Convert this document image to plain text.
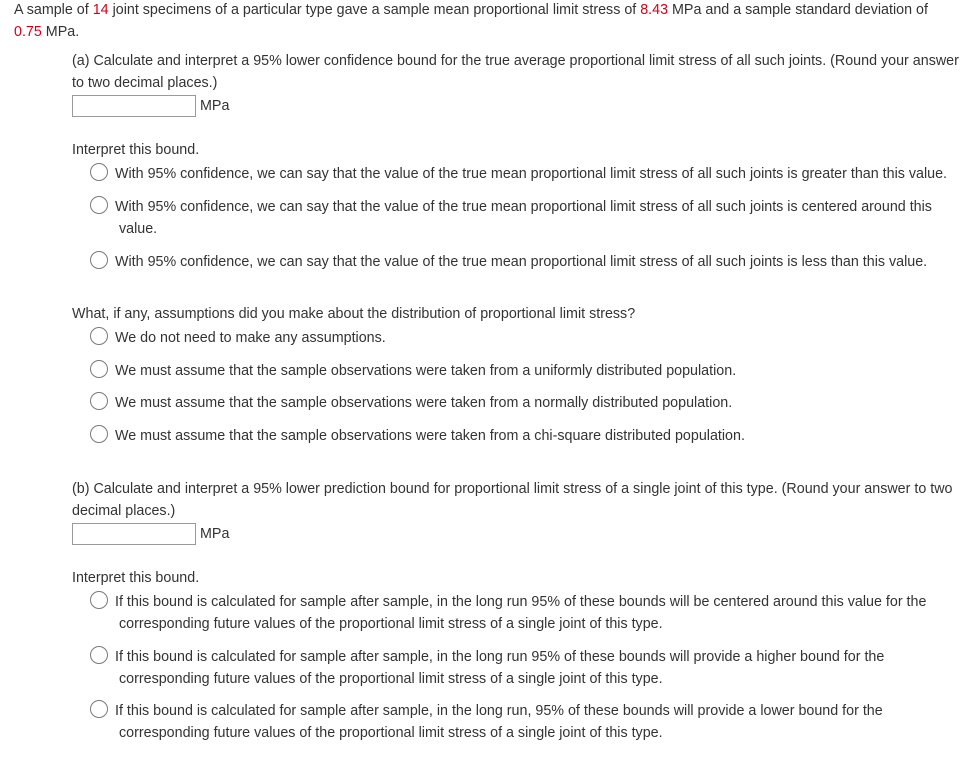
A sample of 14 joint specimens of a particular type gave a sample mean proportional limit stress of 8.43 MPa and a sample standard deviation of
0.75 MPa.
(a) Calculate and interpret a 95% lower confidence bound for the true average proportional limit stress of all such joints. (Round your answer
to two decimal places.)
MPa
Interpret this bound.
With 95% confidence, we can say that the value of the true mean proportional limit stress of all such joints is greater than this value.
With 95% confidence, we can say that the value of the true mean proportional limit stress of all such joints is centered around this
value.
With 95% confidence, we can say that the value of the true mean proportional limit stress of all such joints is less than this value.
What, if any, assumptions did you make about the distribution of proportional limit stress?
We do not need to make any assumptions.
We must assume that the sample observations were taken from a uniformly distributed population.
We must assume that the sample observations were taken from a normally distributed population.
We must assume that the sample observations were taken from a chi-square distributed population.
(b) Calculate and interpret a 95% lower prediction bound for proportional limit stress of a single joint of this type. (Round your answer to two
decimal places.)
MPa
Interpret this bound.
If this bound is calculated for sample after sample, in the long run 95% of these bounds will be centered around this value for the
corresponding future values of the proportional limit stress of a single joint of this type.
If this bound is calculated for sample after sample, in the long run 95% of these bounds will provide a higher bound for the
corresponding future values of the proportional limit stress of a single joint of this type.
If this bound is calculated for sample after sample, in the long run, 95% of these bounds will provide a lower bound for the
corresponding future values of the proportional limit stress of a single joint of this type.
